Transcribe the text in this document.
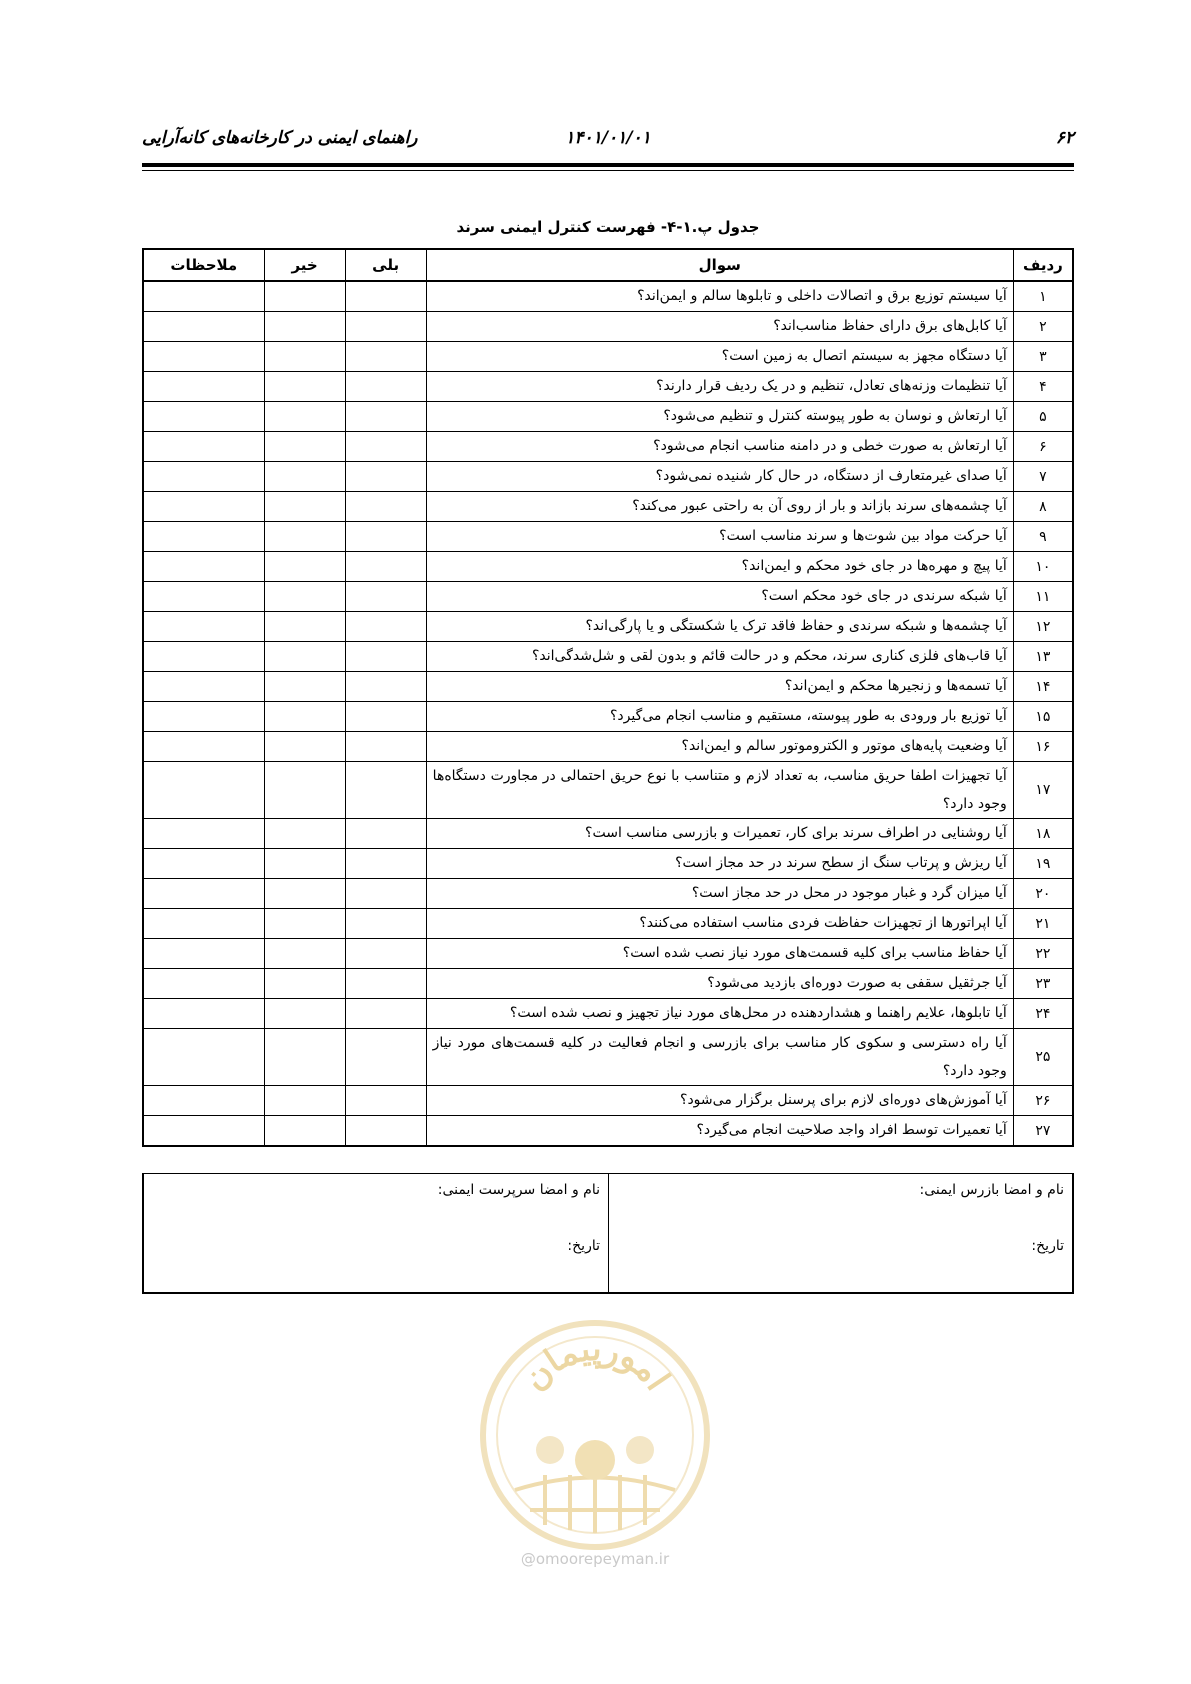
۶۲
۱۴۰۱/۰۱/۰۱
راهنمای ایمنی در کارخانه‌های کانه‌آرایی
جدول پ.۱-۴- فهرست کنترل ایمنی سرند
ردیف	سوال	بلی	خیر	ملاحظات
۱	آیا سیستم توزیع برق و اتصالات داخلی و تابلوها سالم و ایمن‌اند؟			
۲	آیا کابل‌های برق دارای حفاظ مناسب‌اند؟			
۳	آیا دستگاه مجهز به سیستم اتصال به زمین است؟			
۴	آیا تنظیمات وزنه‌های تعادل، تنظیم و در یک ردیف قرار دارند؟			
۵	آیا ارتعاش و نوسان به طور پیوسته کنترل و تنظیم می‌شود؟			
۶	آیا ارتعاش به صورت خطی و در دامنه مناسب انجام می‌شود؟			
۷	آیا صدای غیرمتعارف از دستگاه، در حال کار شنیده نمی‌شود؟			
۸	آیا چشمه‌های سرند بازاند و بار از روی آن به راحتی عبور می‌کند؟			
۹	آیا حرکت مواد بین شوت‌ها و سرند مناسب است؟			
۱۰	آیا پیچ و مهره‌ها در جای خود محکم و ایمن‌اند؟			
۱۱	آیا شبکه سرندی در جای خود محکم است؟			
۱۲	آیا چشمه‌ها و شبکه سرندی و حفاظ فاقد ترک یا شکستگی و یا پارگی‌اند؟			
۱۳	آیا قاب‌های فلزی کناری سرند، محکم و در حالت قائم و بدون لقی و شل‌شدگی‌اند؟			
۱۴	آیا تسمه‌ها و زنجیرها محکم و ایمن‌اند؟			
۱۵	آیا توزیع بار ورودی به طور پیوسته، مستقیم و مناسب انجام می‌گیرد؟			
۱۶	آیا وضعیت پایه‌های موتور و الکتروموتور سالم و ایمن‌اند؟			
۱۷	آیا تجهیزات اطفا حریق مناسب، به تعداد لازم و متناسب با نوع حریق احتمالی در مجاورت دستگاه‌ها وجود دارد؟			
۱۸	آیا روشنایی در اطراف سرند برای کار، تعمیرات و بازرسی مناسب است؟			
۱۹	آیا ریزش و پرتاب سنگ از سطح سرند در حد مجاز است؟			
۲۰	آیا میزان گرد و غبار موجود در محل در حد مجاز است؟			
۲۱	آیا اپراتورها از تجهیزات حفاظت فردی مناسب استفاده می‌کنند؟			
۲۲	آیا حفاظ مناسب برای کلیه قسمت‌های مورد نیاز نصب شده است؟			
۲۳	آیا جرثقیل سقفی به صورت دوره‌ای بازدید می‌شود؟			
۲۴	آیا تابلوها، علایم راهنما و هشداردهنده در محل‌های مورد نیاز تجهیز و نصب شده است؟			
۲۵	آیا راه دسترسی و سکوی کار مناسب برای بازرسی و انجام فعالیت در کلیه قسمت‌های مورد نیاز وجود دارد؟			
۲۶	آیا آموزش‌های دوره‌ای لازم برای پرسنل برگزار می‌شود؟			
۲۷	آیا تعمیرات توسط افراد واجد صلاحیت انجام می‌گیرد؟			
نام و امضا بازرس ایمنی:
تاریخ:

نام و امضا سرپرست ایمنی:
تاریخ:
امورپیمان
@omoorepeyman.ir
